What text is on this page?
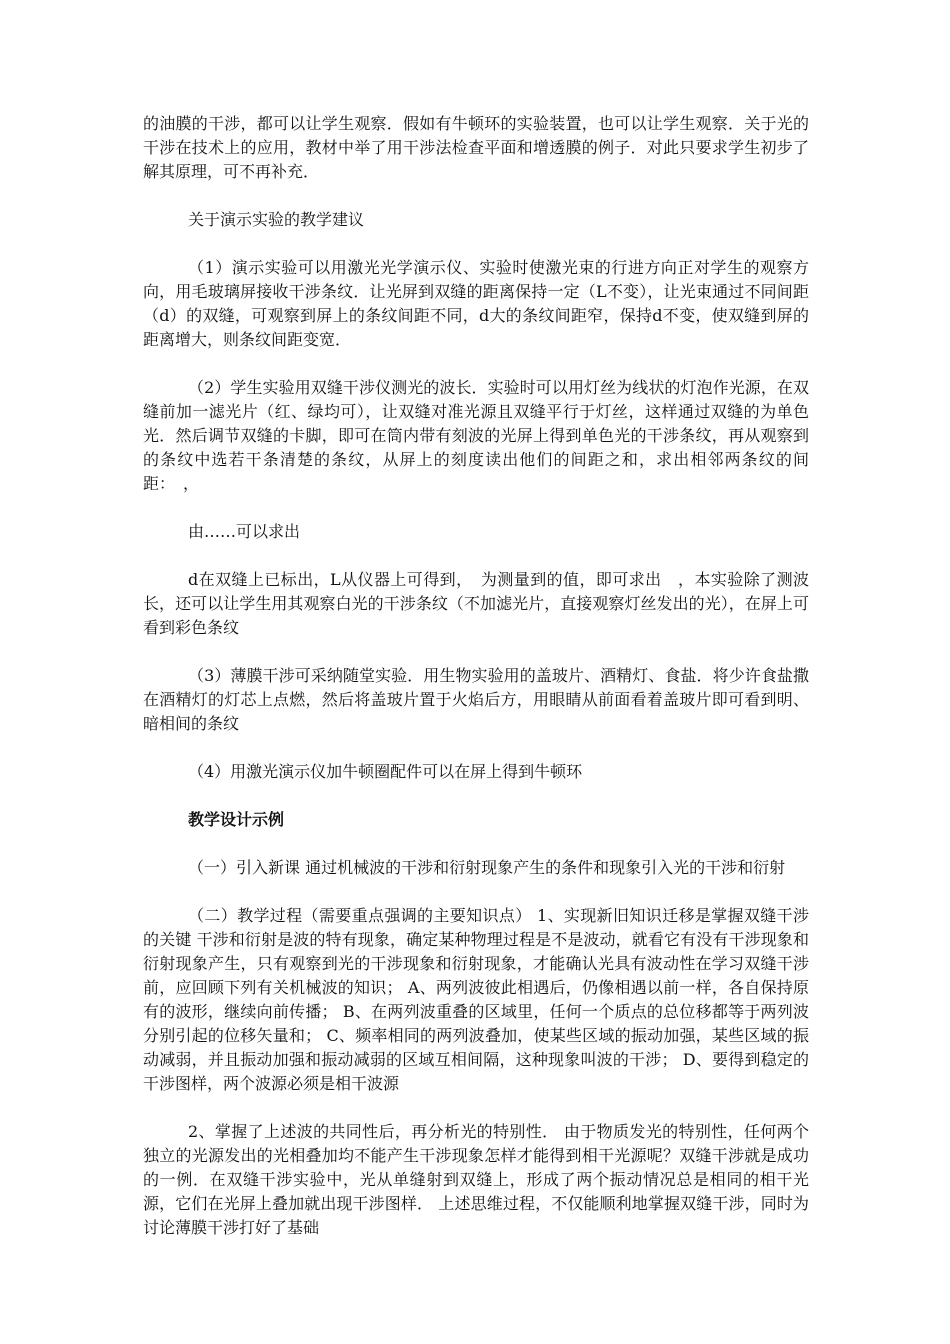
的油膜的干涉，都可以让学生观察．假如有牛顿环的实验装置，也可以让学生观察．关于光的干涉在技术上的应用，教材中举了用干涉法检查平面和增透膜的例子．对此只要求学生初步了解其原理，可不再补充．

关于演示实验的教学建议

（1）演示实验可以用激光光学演示仪、实验时使激光束的行进方向正对学生的观察方向，用毛玻璃屏接收干涉条纹．让光屏到双缝的距离保持一定（L不变），让光束通过不同间距（d）的双缝，可观察到屏上的条纹间距不同，d大的条纹间距窄，保持d不变，使双缝到屏的距离增大，则条纹间距变宽．

（2）学生实验用双缝干涉仪测光的波长．实验时可以用灯丝为线状的灯泡作光源，在双缝前加一滤光片（红、绿均可），让双缝对准光源且双缝平行于灯丝，这样通过双缝的为单色光．然后调节双缝的卡脚，即可在筒内带有刻波的光屏上得到单色光的干涉条纹，再从观察到的条纹中选若干条清楚的条纹，从屏上的刻度读出他们的间距之和，求出相邻两条纹的间距：　，

由……可以求出

d在双缝上已标出，L从仪器上可得到，　为测量到的值，即可求出　，本实验除了测波长，还可以让学生用其观察白光的干涉条纹（不加滤光片，直接观察灯丝发出的光），在屏上可看到彩色条纹

（3）薄膜干涉可采纳随堂实验．用生物实验用的盖玻片、酒精灯、食盐．将少许食盐撒在酒精灯的灯芯上点燃，然后将盖玻片置于火焰后方，用眼睛从前面看着盖玻片即可看到明、暗相间的条纹

（4）用激光演示仪加牛顿圈配件可以在屏上得到牛顿环

教学设计示例

（一）引入新课 通过机械波的干涉和衍射现象产生的条件和现象引入光的干涉和衍射

（二）教学过程（需要重点强调的主要知识点） 1、实现新旧知识迁移是掌握双缝干涉的关键 干涉和衍射是波的特有现象，确定某种物理过程是不是波动，就看它有没有干涉现象和衍射现象产生，只有观察到光的干涉现象和衍射现象，才能确认光具有波动性在学习双缝干涉前，应回顾下列有关机械波的知识； A、两列波彼此相遇后，仍像相遇以前一样，各自保持原有的波形，继续向前传播； B、在两列波重叠的区域里，任何一个质点的总位移都等于两列波分别引起的位移矢量和； C、频率相同的两列波叠加，使某些区域的振动加强，某些区域的振动减弱，并且振动加强和振动减弱的区域互相间隔，这种现象叫波的干涉； D、要得到稳定的干涉图样，两个波源必须是相干波源

2、掌握了上述波的共同性后，再分析光的特别性． 由于物质发光的特别性，任何两个独立的光源发出的光相叠加均不能产生干涉现象怎样才能得到相干光源呢？双缝干涉就是成功的一例．在双缝干涉实验中，光从单缝射到双缝上，形成了两个振动情况总是相同的相干光源，它们在光屏上叠加就出现干涉图样． 上述思维过程，不仅能顺利地掌握双缝干涉，同时为讨论薄膜干涉打好了基础
